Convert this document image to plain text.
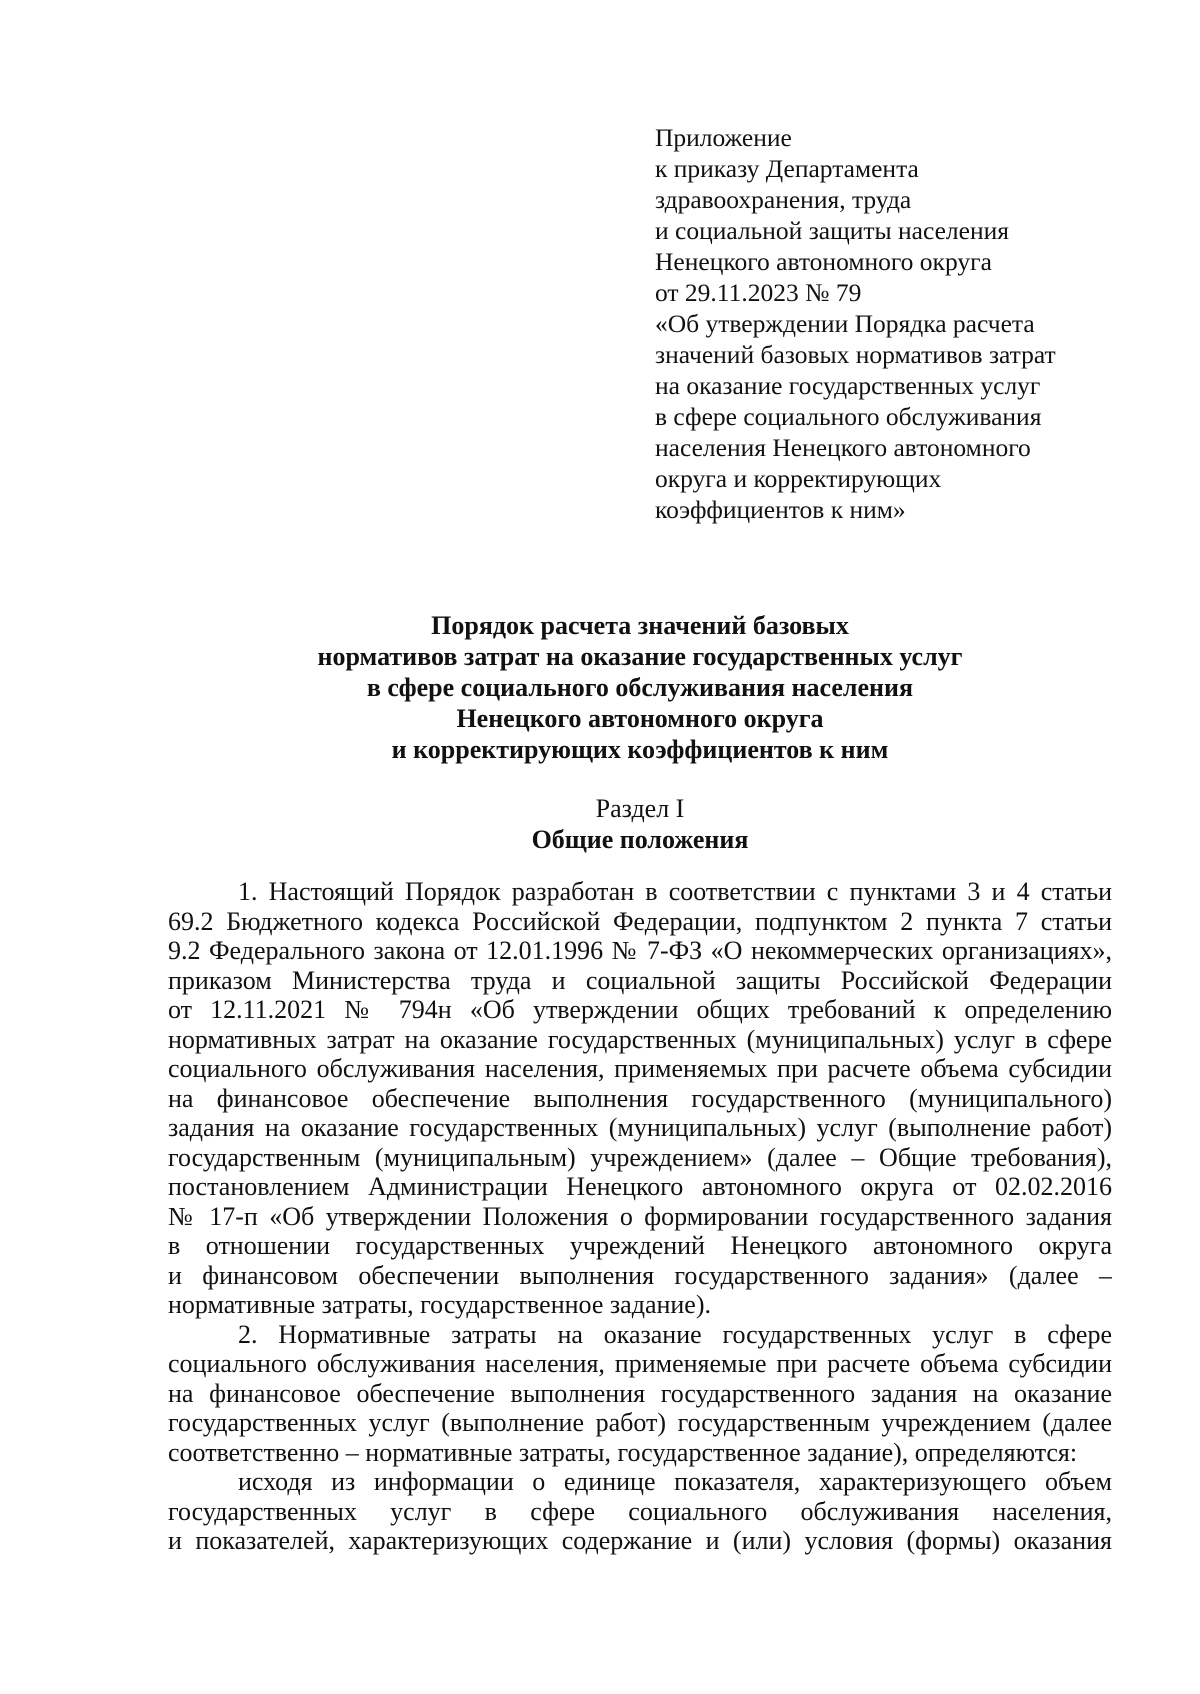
Приложение
к приказу Департамента
здравоохранения, труда
и социальной защиты населения
Ненецкого автономного округа
от 29.11.2023 № 79
«Об утверждении Порядка расчета
значений базовых нормативов затрат
на оказание государственных услуг
в сфере социального обслуживания
населения Ненецкого автономного
округа и корректирующих
коэффициентов к ним»
Порядок расчета значений базовых
нормативов затрат на оказание государственных услуг
в сфере социального обслуживания населения
Ненецкого автономного округа
и корректирующих коэффициентов к ним
Раздел I
Общие положения
1. Настоящий Порядок разработан в соответствии с пунктами 3 и 4 статьи
69.2 Бюджетного кодекса Российской Федерации, подпунктом 2 пункта 7 статьи
9.2 Федерального закона от 12.01.1996 № 7-ФЗ «О некоммерческих организациях»,
приказом Министерства труда и социальной защиты Российской Федерации
от 12.11.2021 № 794н «Об утверждении общих требований к определению
нормативных затрат на оказание государственных (муниципальных) услуг в сфере
социального обслуживания населения, применяемых при расчете объема субсидии
на финансовое обеспечение выполнения государственного (муниципального)
задания на оказание государственных (муниципальных) услуг (выполнение работ)
государственным (муниципальным) учреждением» (далее – Общие требования),
постановлением Администрации Ненецкого автономного округа от 02.02.2016
№ 17-п «Об утверждении Положения о формировании государственного задания
в отношении государственных учреждений Ненецкого автономного округа
и финансовом обеспечении выполнения государственного задания» (далее –
нормативные затраты, государственное задание).
2. Нормативные затраты на оказание государственных услуг в сфере
социального обслуживания населения, применяемые при расчете объема субсидии
на финансовое обеспечение выполнения государственного задания на оказание
государственных услуг (выполнение работ) государственным учреждением (далее
соответственно – нормативные затраты, государственное задание), определяются:
исходя из информации о единице показателя, характеризующего объем
государственных услуг в сфере социального обслуживания населения,
и показателей, характеризующих содержание и (или) условия (формы) оказания
